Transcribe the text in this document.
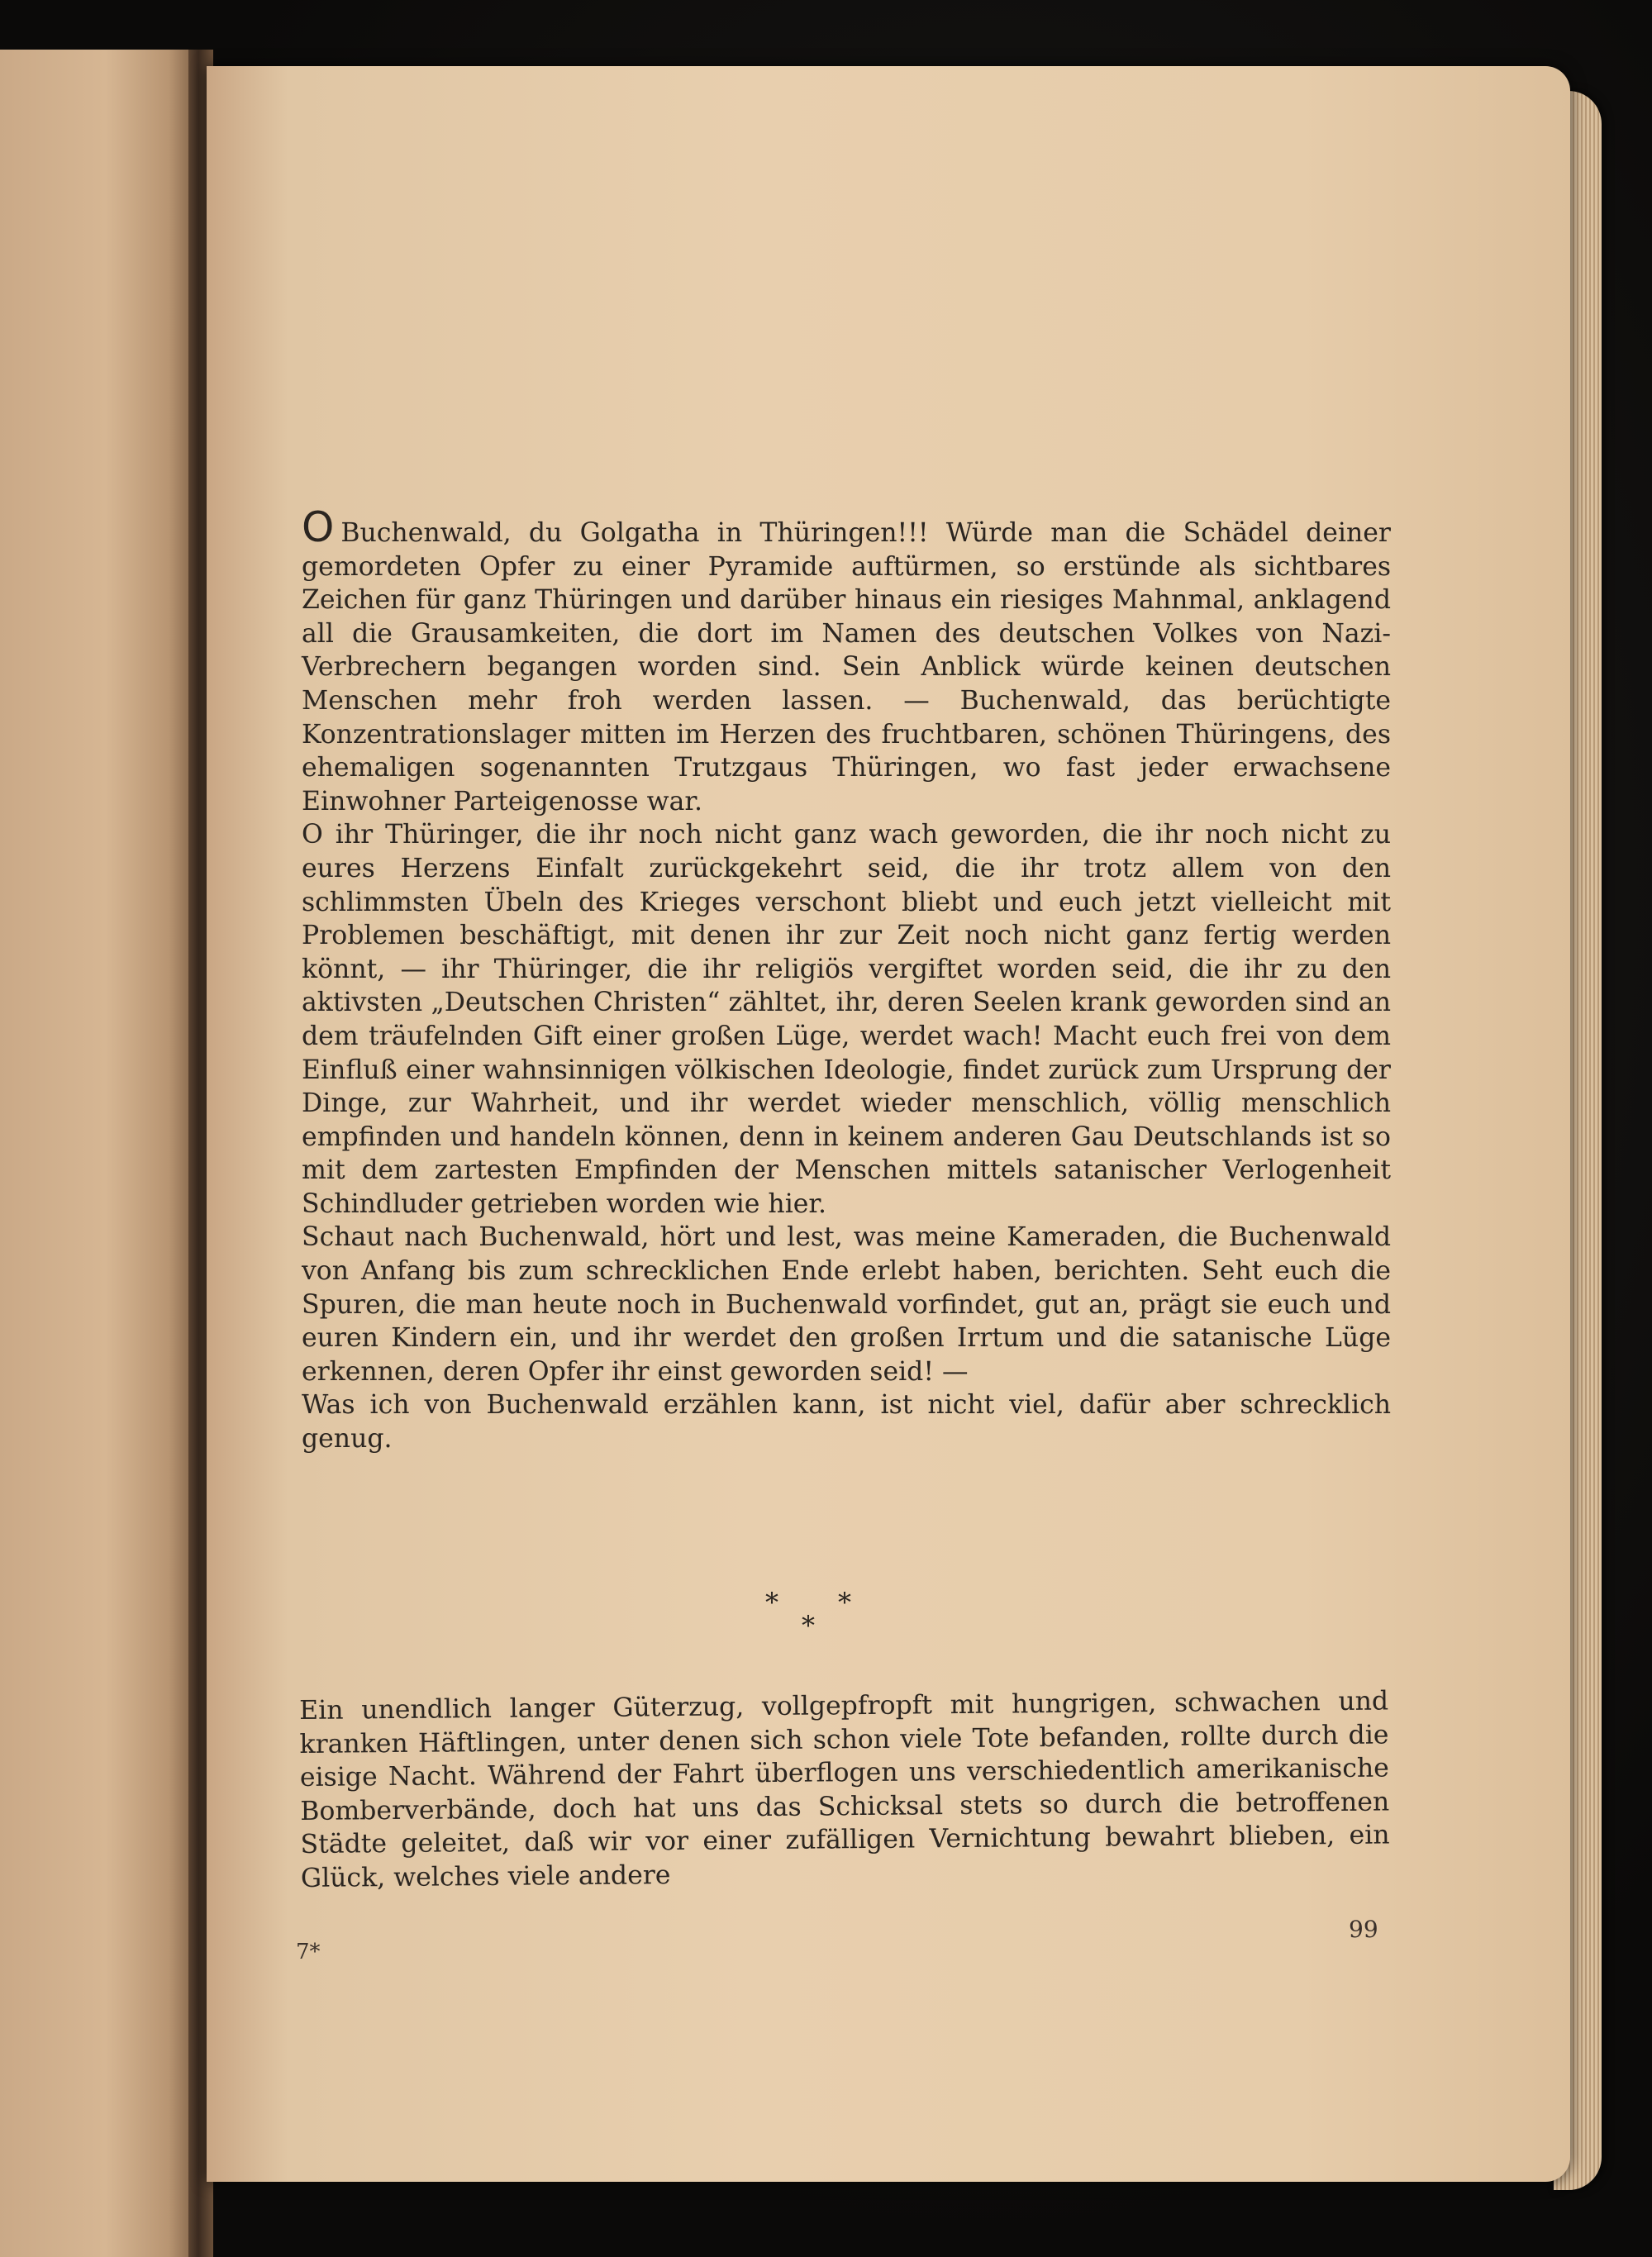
O Buchenwald, du Golgatha in Thüringen!!! Würde man die Schädel deiner gemordeten Opfer zu einer Pyramide auftürmen, so erstünde als sichtbares Zeichen für ganz Thüringen und darüber hinaus ein riesiges Mahnmal, anklagend all die Grausamkeiten, die dort im Namen des deutschen Volkes von Nazi-Verbrechern begangen worden sind. Sein Anblick würde keinen deutschen Menschen mehr froh werden lassen. — Buchenwald, das berüchtigte Konzentrationslager mitten im Herzen des fruchtbaren, schönen Thüringens, des ehemaligen sogenannten Trutzgaus Thüringen, wo fast jeder erwachsene Einwohner Parteigenosse war.

O ihr Thüringer, die ihr noch nicht ganz wach geworden, die ihr noch nicht zu eures Herzens Einfalt zurückgekehrt seid, die ihr trotz allem von den schlimmsten Übeln des Krieges verschont bliebt und euch jetzt vielleicht mit Problemen beschäftigt, mit denen ihr zur Zeit noch nicht ganz fertig werden könnt, — ihr Thüringer, die ihr religiös vergiftet worden seid, die ihr zu den aktivsten „Deutschen Christen“ zähltet, ihr, deren Seelen krank geworden sind an dem träufelnden Gift einer großen Lüge, werdet wach! Macht euch frei von dem Einfluß einer wahnsinnigen völkischen Ideologie, findet zurück zum Ursprung der Dinge, zur Wahrheit, und ihr werdet wieder menschlich, völlig menschlich empfinden und handeln können, denn in keinem anderen Gau Deutschlands ist so mit dem zartesten Empfinden der Menschen mittels satanischer Verlogenheit Schindluder getrieben worden wie hier.

Schaut nach Buchenwald, hört und lest, was meine Kameraden, die Buchenwald von Anfang bis zum schrecklichen Ende erlebt haben, berichten. Seht euch die Spuren, die man heute noch in Buchenwald vorfindet, gut an, prägt sie euch und euren Kindern ein, und ihr werdet den großen Irrtum und die satanische Lüge erkennen, deren Opfer ihr einst geworden seid! —

Was ich von Buchenwald erzählen kann, ist nicht viel, dafür aber schrecklich genug.

* *
*

Ein unendlich langer Güterzug, vollgepfropft mit hungrigen, schwachen und kranken Häftlingen, unter denen sich schon viele Tote befanden, rollte durch die eisige Nacht. Während der Fahrt überflogen uns verschiedentlich amerikanische Bomberverbände, doch hat uns das Schicksal stets so durch die betroffenen Städte geleitet, daß wir vor einer zufälligen Vernichtung bewahrt blieben, ein Glück, welches viele andere

7*
99
